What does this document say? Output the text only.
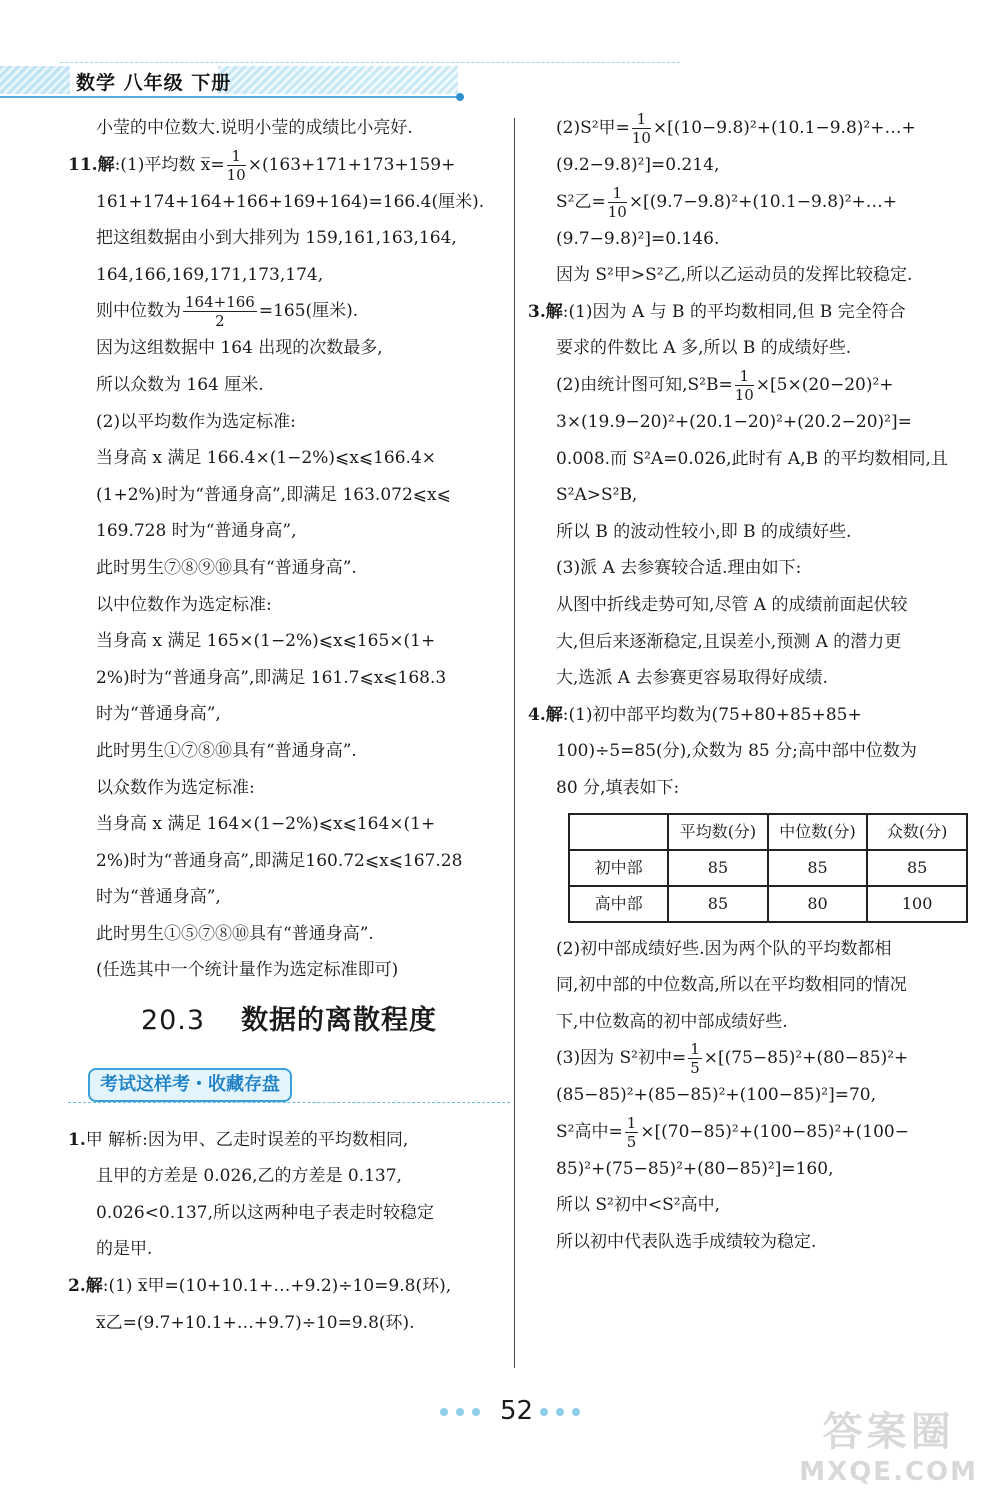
数学 八年级 下册

小莹的中位数大.说明小莹的成绩比小亮好.

11.解:(1)平均数 x̅= $\frac{1}{10} \times(163+171+173+159+$

161+174+164+166+169+164)=166.4(厘米).

把这组数据由小到大排列为 159,161,163,164,

164,166,169,171,173,174,

则中位数为 $\frac{164+166}{2} =165$(厘米).

因为这组数据中 164 出现的次数最多,

所以众数为 164 厘米.

(2)以平均数作为选定标准:

当身高 x 满足 166.4×(1−2%)⩽x⩽166.4×

(1+2%)时为“普通身高”,即满足 163.072⩽x⩽

169.728 时为“普通身高”,

此时男生⑦⑧⑨⑩具有“普通身高”.

以中位数作为选定标准:

当身高 x 满足 165×(1−2%)⩽x⩽165×(1+

2%)时为“普通身高”,即满足 161.7⩽x⩽168.3

时为“普通身高”,

此时男生①⑦⑧⑩具有“普通身高”.

以众数作为选定标准:

当身高 x 满足 164×(1−2%)⩽x⩽164×(1+

2%)时为“普通身高”,即满足160.72⩽x⩽167.28

时为“普通身高”,

此时男生①⑤⑦⑧⑩具有“普通身高”.

(任选其中一个统计量作为选定标准即可)

20.3 数据的离散程度

考试这样考・收藏存盘

1.甲 解析:因为甲、乙走时误差的平均数相同,

且甲的方差是 0.026,乙的方差是 0.137,

0.026<0.137,所以这两种电子表走时较稳定

的是甲.

2.解:(1) x̅甲=(10+10.1+…+9.2)÷10=9.8(环),

x̅乙=(9.7+10.1+…+9.7)÷10=9.8(环).

(2)S²甲= $\frac{1}{10}$ ×[(10−9.8)²+(10.1−9.8)²+…+

(9.2−9.8)²]=0.214,

S²乙= $\frac{1}{10}$ ×[(9.7−9.8)²+(10.1−9.8)²+…+

(9.7−9.8)²]=0.146.

因为 S²甲>S²乙,所以乙运动员的发挥比较稳定.

3.解:(1)因为 A 与 B 的平均数相同,但 B 完全符合

要求的件数比 A 多,所以 B 的成绩好些.

(2)由统计图可知$,S^2B= \frac{1}{10} \times[5\times(20-20)^2+$

3×(19.9−20)²+(20.1−20)²+(20.2−20)²]=

0.008.而 S²A=0.026,此时有 A,B 的平均数相同,且

S²A>S²B,

所以 B 的波动性较小,即 B 的成绩好些.

(3)派 A 去参赛较合适.理由如下:

从图中折线走势可知,尽管 A 的成绩前面起伏较

大,但后来逐渐稳定,且误差小,预测 A 的潜力更

大,选派 A 去参赛更容易取得好成绩.

4.解:(1)初中部平均数为(75+80+85+85+

100)÷5=85(分),众数为 85 分;高中部中位数为

80 分,填表如下:

	平均数(分)	中位数(分)	众数(分)
初中部	85	85	85
高中部	85	80	100

(2)初中部成绩好些.因为两个队的平均数都相

同,初中部的中位数高,所以在平均数相同的情况

下,中位数高的初中部成绩好些.

(3)因为 S²初中= $\frac{1}{5} \times[(75-85)^2+(80-85)^2+$

(85−85)²+(85−85)²+(100−85)²]=70,

S²高中= $\frac{1}{5} \times[(70-85)^2+(100-85)^2+(100-$

85)²+(75−85)²+(80−85)²]=160,

所以 S²初中<S²高中,

所以初中代表队选手成绩较为稳定.

52	答案圈
MXQE.COM
